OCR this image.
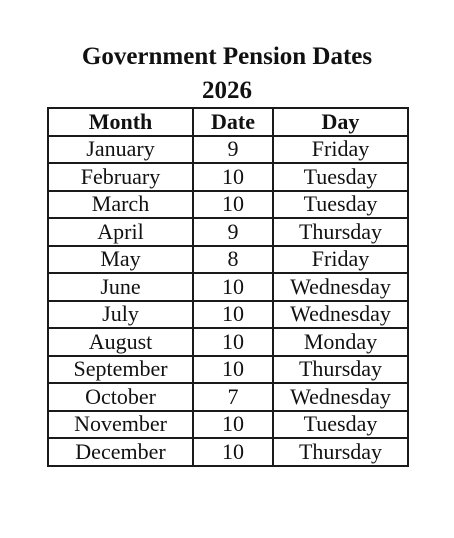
Government Pension Dates
2026
Month	Date	Day
January	9	Friday
February	10	Tuesday
March	10	Tuesday
April	9	Thursday
May	8	Friday
June	10	Wednesday
July	10	Wednesday
August	10	Monday
September	10	Thursday
October	7	Wednesday
November	10	Tuesday
December	10	Thursday
